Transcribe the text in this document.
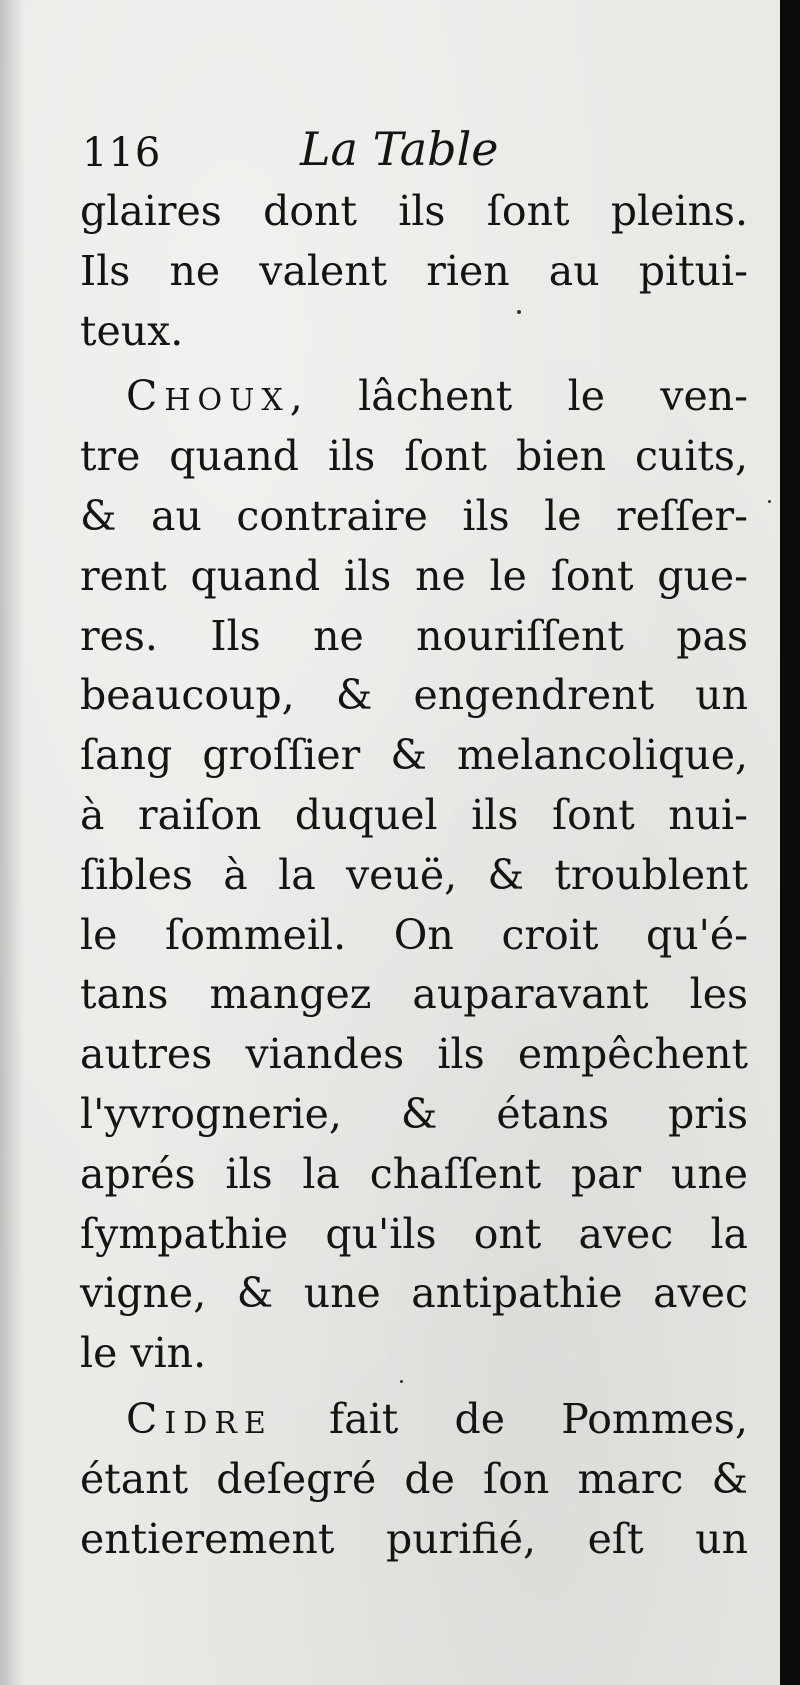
116	La Table
glaires dont ils ſont pleins.
Ils ne valent rien au pitui-
teux.
CHOUX, lâchent le ven-
tre quand ils ſont bien cuits,
& au contraire ils le reſſer-
rent quand ils ne le ſont gue-
res. Ils ne nouriſſent pas
beaucoup, & engendrent un
ſang groſſier & melancolique,
à raiſon duquel ils ſont nui-
ſibles à la veuë, & troublent
le ſommeil. On croit qu'é-
tans mangez auparavant les
autres viandes ils empêchent
l'yvrognerie, & étans pris
aprés ils la chaſſent par une
ſympathie qu'ils ont avec la
vigne, & une antipathie avec
le vin.
CIDRE fait de Pommes,
étant deſegré de ſon marc &
entierement purifié, eſt un
